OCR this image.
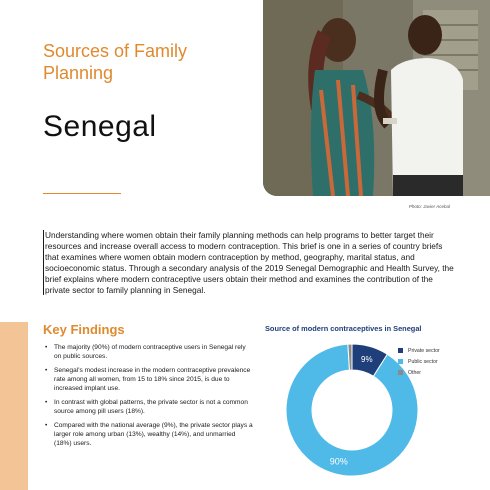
Sources of Family Planning
Senegal
Photo: Javier Acebal
Understanding where women obtain their family planning methods can help programs to better target their resources and increase overall access to modern contraception. This brief is one in a series of country briefs that examines where women obtain modern contraception by method, geography, marital status, and socioeconomic status. Through a secondary analysis of the 2019 Senegal Demographic and Health Survey, the brief explains where modern contraceptive users obtain their method and examines the contribution of the private sector to family planning in Senegal.
Key Findings
• The majority (90%) of modern contraceptive users in Senegal rely on public sources.
• Senegal's modest increase in the modern contraceptive prevalence rate among all women, from 15 to 18% since 2015, is due to increased implant use.
• In contrast with global patterns, the private sector is not a common source among pill users (18%).
• Compared with the national average (9%), the private sector plays a larger role among urban (13%), wealthy (14%), and unmarried (18%) users.
Source of modern contraceptives in Senegal
9%
90%
Private sector
Public sector
Other
